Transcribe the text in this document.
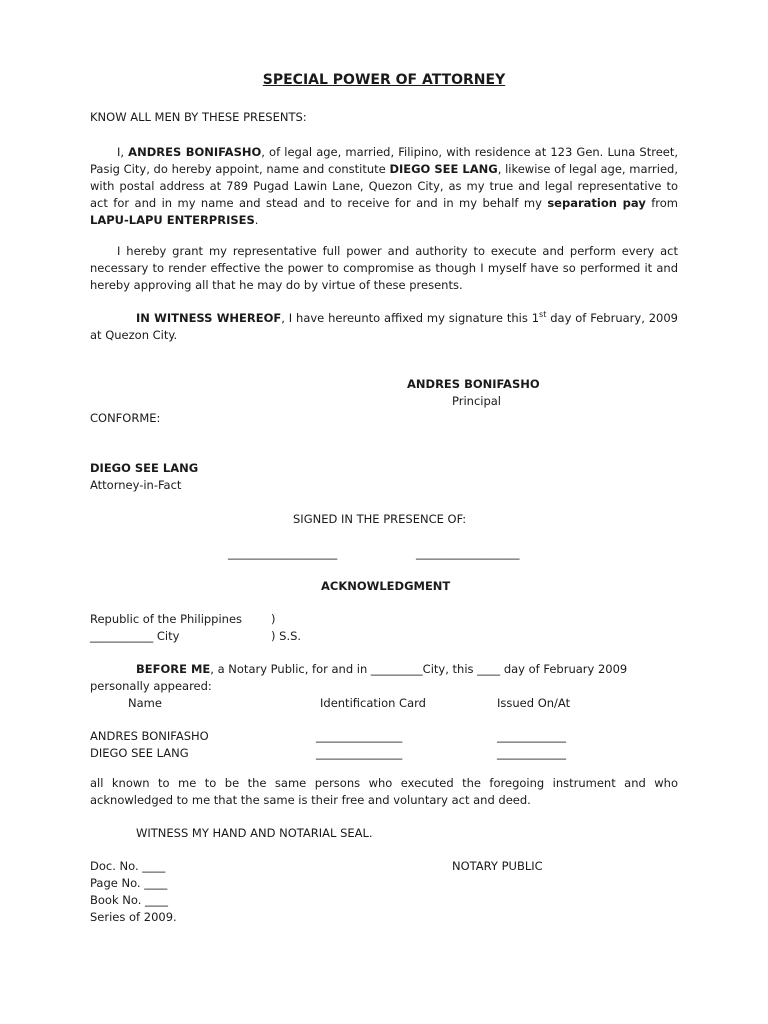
SPECIAL POWER OF ATTORNEY
KNOW ALL MEN BY THESE PRESENTS:

I, ANDRES BONIFASHO, of legal age, married, Filipino, with residence at 123 Gen. Luna Street, Pasig City, do hereby appoint, name and constitute DIEGO SEE LANG, likewise of legal age, married, with postal address at 789 Pugad Lawin Lane, Quezon City, as my true and legal representative to act for and in my name and stead and to receive for and in my behalf my separation pay from LAPU-LAPU ENTERPRISES.

I hereby grant my representative full power and authority to execute and perform every act necessary to render effective the power to compromise as though I myself have so performed it and hereby approving all that he may do by virtue of these presents.

IN WITNESS WHEREOF, I have hereunto affixed my signature this 1st day of February, 2009 at Quezon City.

ANDRES BONIFASHO
Principal
CONFORME:
DIEGO SEE LANG
Attorney-in-Fact
SIGNED IN THE PRESENCE OF:
___________________	__________________
ACKNOWLEDGMENT
Republic of the Philippines	)
___________ City	) S.S.
BEFORE ME, a Notary Public, for and in _________City, this ____ day of February 2009
personally appeared:
Name	Identification Card	Issued On/At
ANDRES BONIFASHO	_______________	____________
DIEGO SEE LANG	_______________	____________

all known to me to be the same persons who executed the foregoing instrument and who acknowledged to me that the same is their free and voluntary act and deed.

WITNESS MY HAND AND NOTARIAL SEAL.
Doc. No. ____	NOTARY PUBLIC
Page No. ____
Book No. ____
Series of 2009.
